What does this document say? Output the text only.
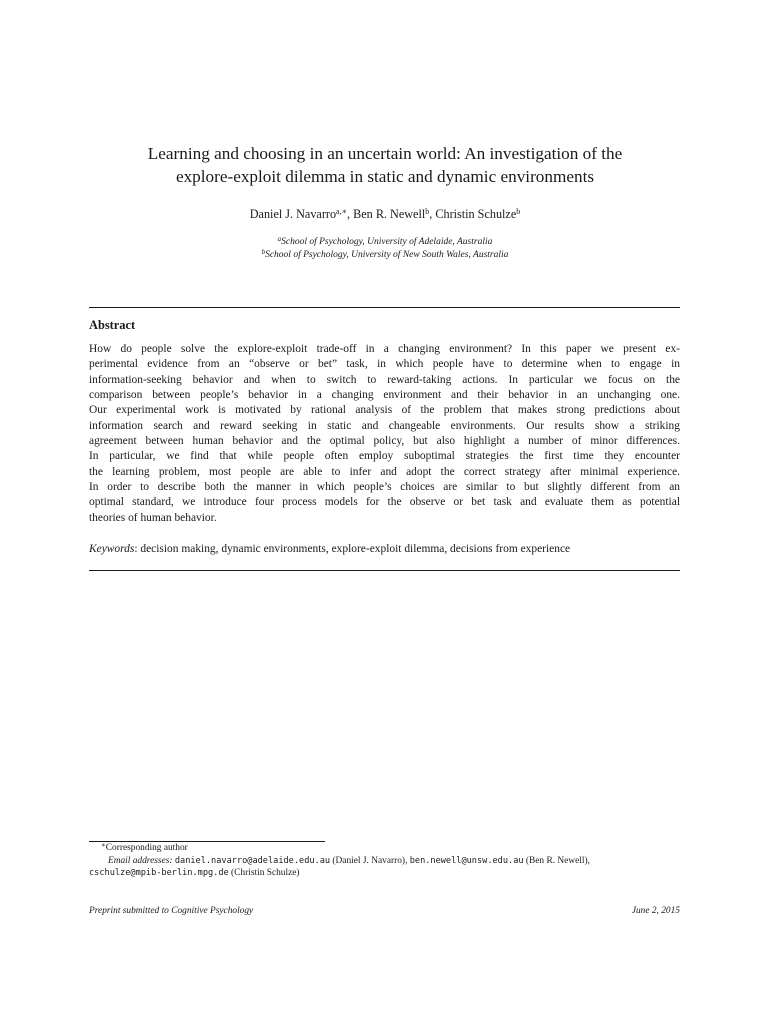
Learning and choosing in an uncertain world: An investigation of the
explore-exploit dilemma in static and dynamic environments
Daniel J. Navarro$^{a,∗}$, Ben R. Newell$^b$, Christin Schulze$^b$
$^a$School of Psychology, University of Adelaide, Australia
$^b$School of Psychology, University of New South Wales, Australia
Abstract
How do people solve the explore-exploit trade-off in a changing environment? In this paper we present ex-
perimental evidence from an “observe or bet” task, in which people have to determine when to engage in
information-seeking behavior and when to switch to reward-taking actions. In particular we focus on the
comparison between people’s behavior in a changing environment and their behavior in an unchanging one.
Our experimental work is motivated by rational analysis of the problem that makes strong predictions about
information search and reward seeking in static and changeable environments. Our results show a striking
agreement between human behavior and the optimal policy, but also highlight a number of minor differences.
In particular, we find that while people often employ suboptimal strategies the first time they encounter
the learning problem, most people are able to infer and adopt the correct strategy after minimal experience.
In order to describe both the manner in which people’s choices are similar to but slightly different from an
optimal standard, we introduce four process models for the observe or bet task and evaluate them as potential
theories of human behavior.
Keywords: decision making, dynamic environments, explore-exploit dilemma, decisions from experience
∗Corresponding author
Email addresses: daniel.navarro@adelaide.edu.au (Daniel J. Navarro), ben.newell@unsw.edu.au (Ben R. Newell),
cschulze@mpib-berlin.mpg.de (Christin Schulze)
Preprint submitted to Cognitive Psychology	June 2, 2015
